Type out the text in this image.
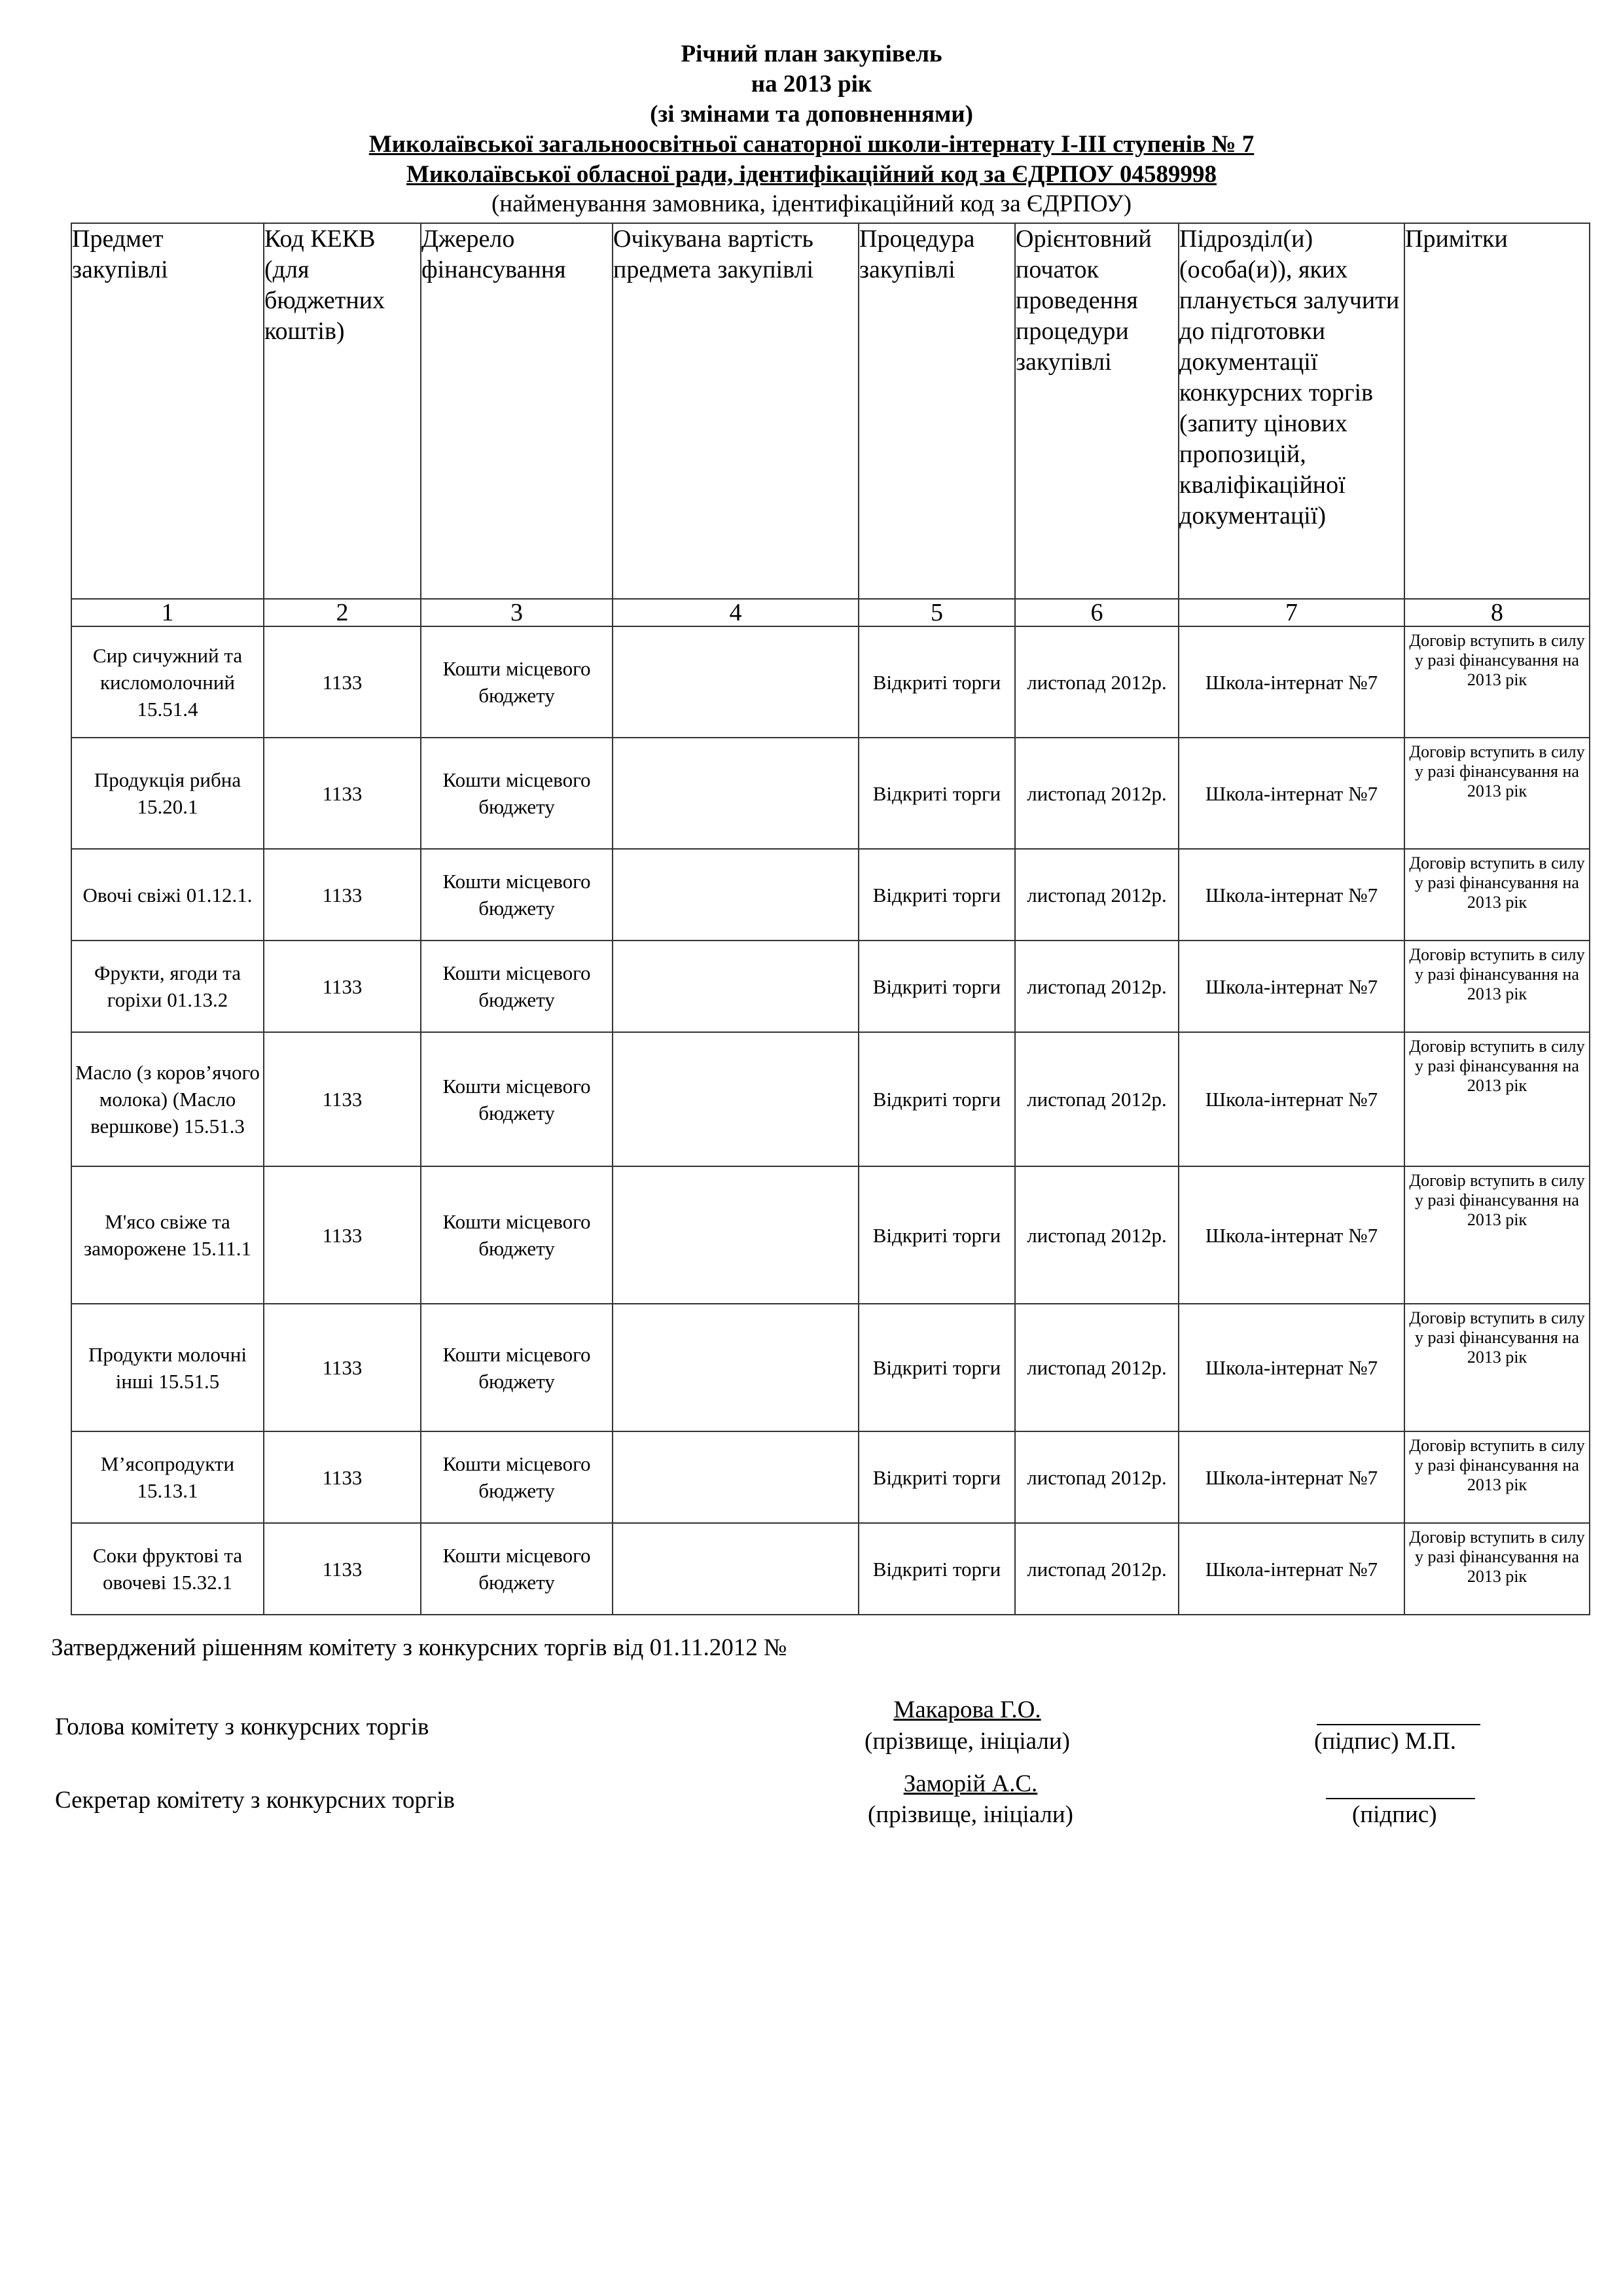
Річний план закупівель
на 2013 рік
(зі змінами та доповненнями)
Миколаївської загальноосвітньої санаторної школи-інтернату І-ІІІ ступенів № 7
Миколаївської обласної ради, ідентифікаційний код за ЄДРПОУ 04589998
(найменування замовника, ідентифікаційний код за ЄДРПОУ)
Предмет закупівлі	Код КЕКВ (для бюджетних коштів)	Джерело фінансування	Очікувана вартість предмета закупівлі	Процедура закупівлі	Орієнтовний початок проведення процедури закупівлі	Підрозділ(и) (особа(и)), яких планується залучити до підготовки документації конкурсних торгів (запиту цінових пропозицій, кваліфікаційної документації)	Примітки
1	2	3	4	5	6	7	8
Сир сичужний та кисломолочний 15.51.4	1133	Кошти місцевого бюджету		Відкриті торги	листопад 2012р.	Школа-інтернат №7	Договір вступить в силу у разі фінансування на 2013 рік
Продукція рибна 15.20.1	1133	Кошти місцевого бюджету		Відкриті торги	листопад 2012р.	Школа-інтернат №7	Договір вступить в силу у разі фінансування на 2013 рік
Овочі свіжі 01.12.1.	1133	Кошти місцевого бюджету		Відкриті торги	листопад 2012р.	Школа-інтернат №7	Договір вступить в силу у разі фінансування на 2013 рік
Фрукти, ягоди та горіхи 01.13.2	1133	Кошти місцевого бюджету		Відкриті торги	листопад 2012р.	Школа-інтернат №7	Договір вступить в силу у разі фінансування на 2013 рік
Масло (з коров’ячого молока) (Масло вершкове) 15.51.3	1133	Кошти місцевого бюджету		Відкриті торги	листопад 2012р.	Школа-інтернат №7	Договір вступить в силу у разі фінансування на 2013 рік
М'ясо свіже та заморожене 15.11.1	1133	Кошти місцевого бюджету		Відкриті торги	листопад 2012р.	Школа-інтернат №7	Договір вступить в силу у разі фінансування на 2013 рік
Продукти молочні інші 15.51.5	1133	Кошти місцевого бюджету		Відкриті торги	листопад 2012р.	Школа-інтернат №7	Договір вступить в силу у разі фінансування на 2013 рік
М’ясопродукти 15.13.1	1133	Кошти місцевого бюджету		Відкриті торги	листопад 2012р.	Школа-інтернат №7	Договір вступить в силу у разі фінансування на 2013 рік
Соки фруктові та овочеві 15.32.1	1133	Кошти місцевого бюджету		Відкриті торги	листопад 2012р.	Школа-інтернат №7	Договір вступить в силу у разі фінансування на 2013 рік
Затверджений рішенням комітету з конкурсних торгів від 01.11.2012 №
Голова комітету з конкурсних торгів
Макарова Г.О.
(прізвище, ініціали)	(підпис) М.П.
Секретар комітету з конкурсних торгів
Заморій А.С.
(прізвище, ініціали)	(підпис)
